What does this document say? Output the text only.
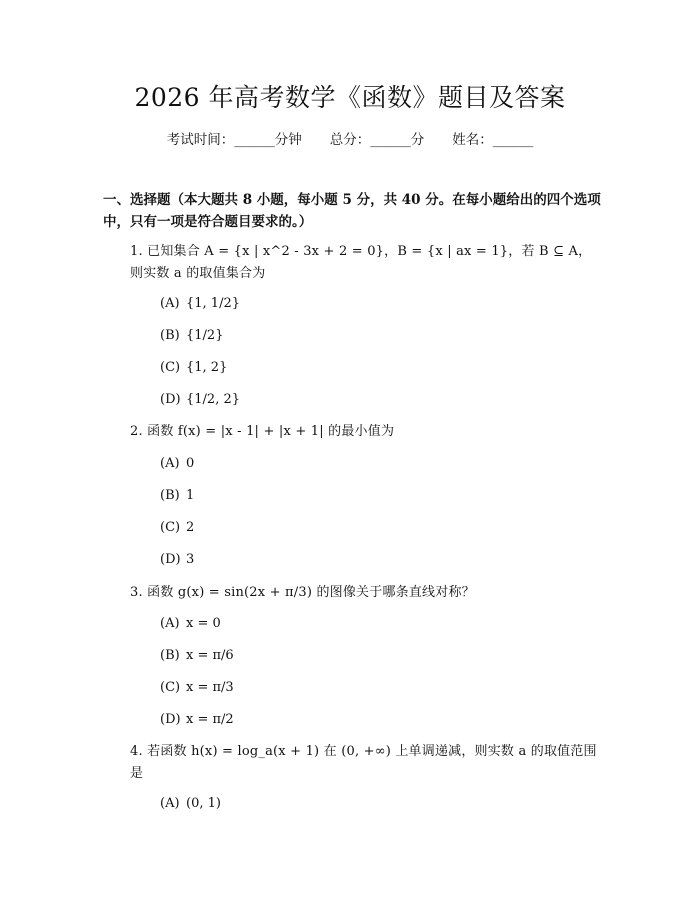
2026 年高考数学《函数》题目及答案
考试时间：______分钟 总分：______分 姓名：______
一、选择题（本大题共 8 小题，每小题 5 分，共 40 分。在每小题给出的四个选项中，只有一项是符合题目要求的。）
1. 已知集合 A = {x | x^2 - 3x + 2 = 0}，B = {x | ax = 1}，若 B ⊆ A，则实数 a 的取值集合为
(A) {1, 1/2}
(B) {1/2}
(C) {1, 2}
(D) {1/2, 2}
2. 函数 f(x) = |x - 1| + |x + 1| 的最小值为
(A) 0
(B) 1
(C) 2
(D) 3
3. 函数 g(x) = sin(2x + π/3) 的图像关于哪条直线对称？
(A) x = 0
(B) x = π/6
(C) x = π/3
(D) x = π/2
4. 若函数 h(x) = log_a(x + 1) 在 (0, +∞) 上单调递减，则实数 a 的取值范围是
(A) (0, 1)
